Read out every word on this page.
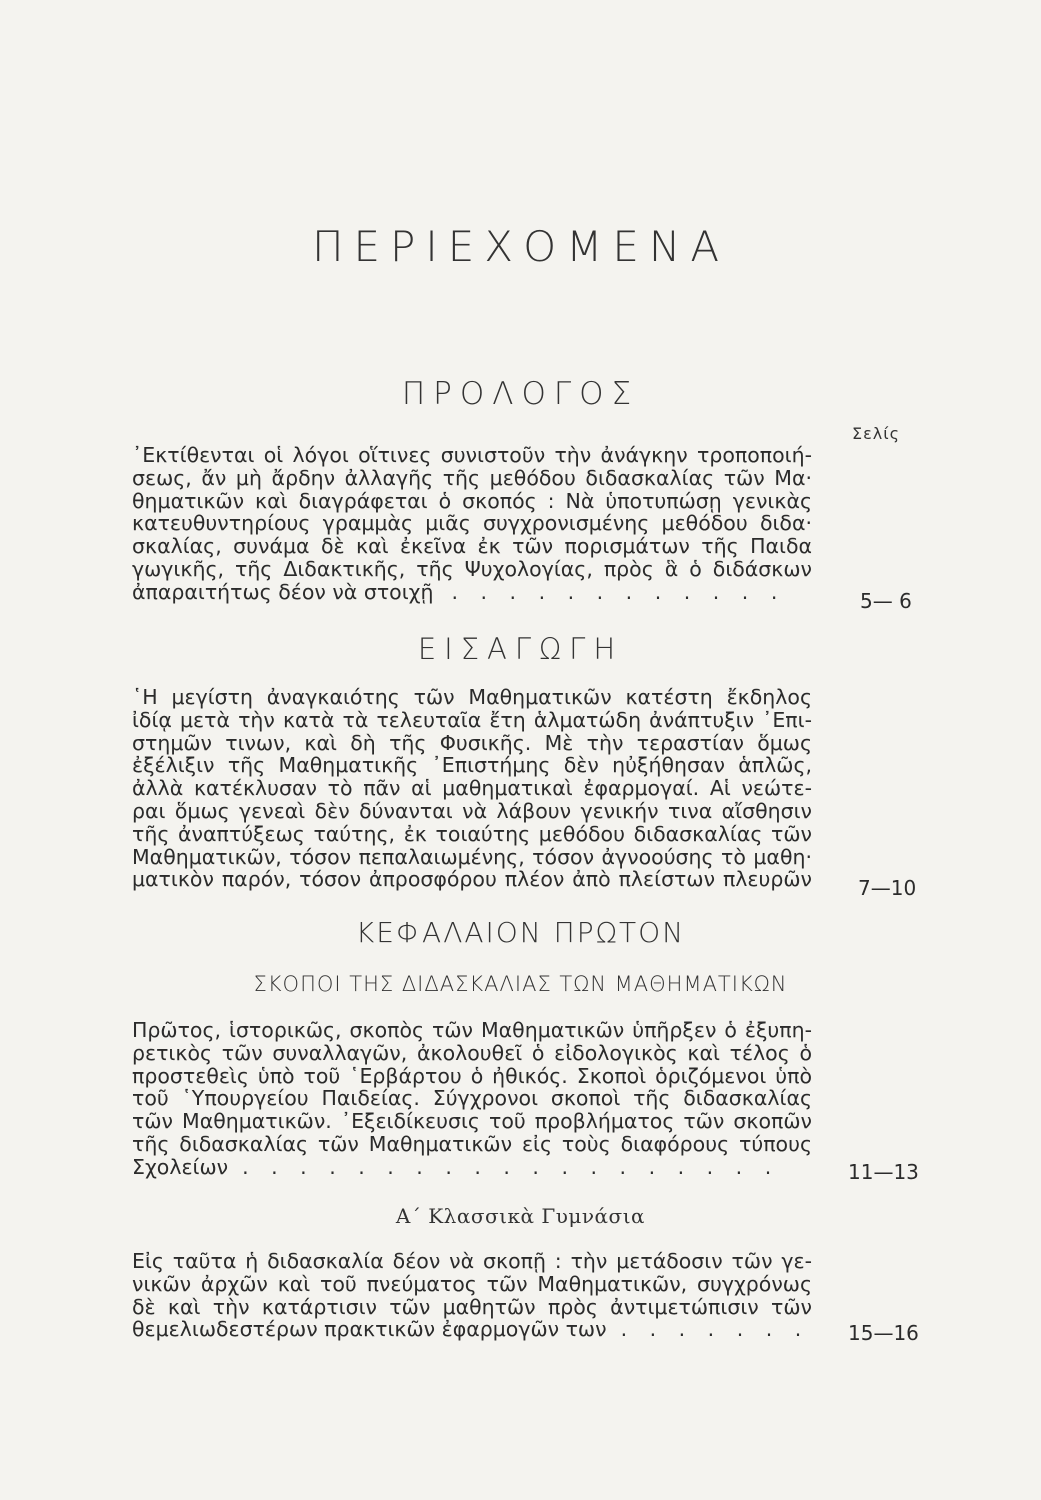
ΠΕΡΙΕΧΟΜΕΝΑ
ΠΡΟΛΟΓΟΣ
Σελίς
᾿Εκτίθενται οἱ λόγοι οἵτινες συνιστοῦν τὴν ἀνάγκην τροποποιή-
σεως, ἄν μὴ ἄρδην ἀλλαγῆς τῆς μεθόδου διδασκαλίας τῶν Μα·
θηματικῶν καὶ διαγράφεται ὁ σκοπός : Νὰ ὑποτυπώσῃ γενικὰς
κατευθυντηρίους γραμμὰς μιᾶς συγχρονισμένης μεθόδου διδα·
σκαλίας, συνάμα δὲ καὶ ἐκεῖνα ἐκ τῶν πορισμάτων τῆς Παιδα
γωγικῆς, τῆς Διδακτικῆς, τῆς Ψυχολογίας, πρὸς ἃ ὁ διδάσκων
ἀπαραιτήτως δέον νὰ στοιχῇ . . . . . . . . . . . .	5— 6
ΕΙΣΑΓΩΓΗ
῾Η μεγίστη ἀναγκαιότης τῶν Μαθηματικῶν κατέστη ἔκδηλος
ἰδίᾳ μετὰ τὴν κατὰ τὰ τελευταῖα ἔτη ἁλματώδη ἀνάπτυξιν ᾿Επι-
στημῶν τινων, καὶ δὴ τῆς Φυσικῆς. Μὲ τὴν τεραστίαν ὅμως
ἐξέλιξιν τῆς Μαθηματικῆς ᾿Επιστήμης δὲν ηὐξήθησαν ἁπλῶς,
ἀλλὰ κατέκλυσαν τὸ πᾶν αἱ μαθηματικαὶ ἐφαρμογαί. Αἱ νεώτε-
ραι ὅμως γενεαὶ δὲν δύνανται νὰ λάβουν γενικήν τινα αἴσθησιν
τῆς ἀναπτύξεως ταύτης, ἐκ τοιαύτης μεθόδου διδασκαλίας τῶν
Μαθηματικῶν, τόσον πεπαλαιωμένης, τόσον ἀγνοούσης τὸ μαθη·
ματικὸν παρόν, τόσον ἀπροσφόρου πλέον ἀπὸ πλείστων πλευρῶν 7—10
ΚΕΦΑΛΑΙΟΝ ΠΡΩΤΟΝ
ΣΚΟΠΟΙ ΤΗΣ ΔΙΔΑΣΚΑΛΙΑΣ ΤΩΝ ΜΑΘΗΜΑΤΙΚΩΝ
Πρῶτος, ἱστορικῶς, σκοπὸς τῶν Μαθηματικῶν ὑπῆρξεν ὁ ἐξυπη-
ρετικὸς τῶν συναλλαγῶν, ἀκολουθεῖ ὁ εἰδολογικὸς καὶ τέλος ὁ
προστεθεὶς ὑπὸ τοῦ ῾Ερβάρτου ὁ ἠθικός. Σκοποὶ ὁριζόμενοι ὑπὸ
τοῦ ῾Υπουργείου Παιδείας. Σύγχρονοι σκοποὶ τῆς διδασκαλίας
τῶν Μαθηματικῶν. ᾿Εξειδίκευσις τοῦ προβλήματος τῶν σκοπῶν
τῆς διδασκαλίας τῶν Μαθηματικῶν εἰς τοὺς διαφόρους τύπους
Σχολείων . . . . . . . . . . . . . . . . . . .	11—13
Α΄ Κλασσικὰ Γυμνάσια
Εἰς ταῦτα ἡ διδασκαλία δέον νὰ σκοπῇ : τὴν μετάδοσιν τῶν γε-
νικῶν ἀρχῶν καὶ τοῦ πνεύματος τῶν Μαθηματικῶν, συγχρόνως
δὲ καὶ τὴν κατάρτισιν τῶν μαθητῶν πρὸς ἀντιμετώπισιν τῶν
θεμελιωδεστέρων πρακτικῶν ἐφαρμογῶν των . . . . . . . 15—16
